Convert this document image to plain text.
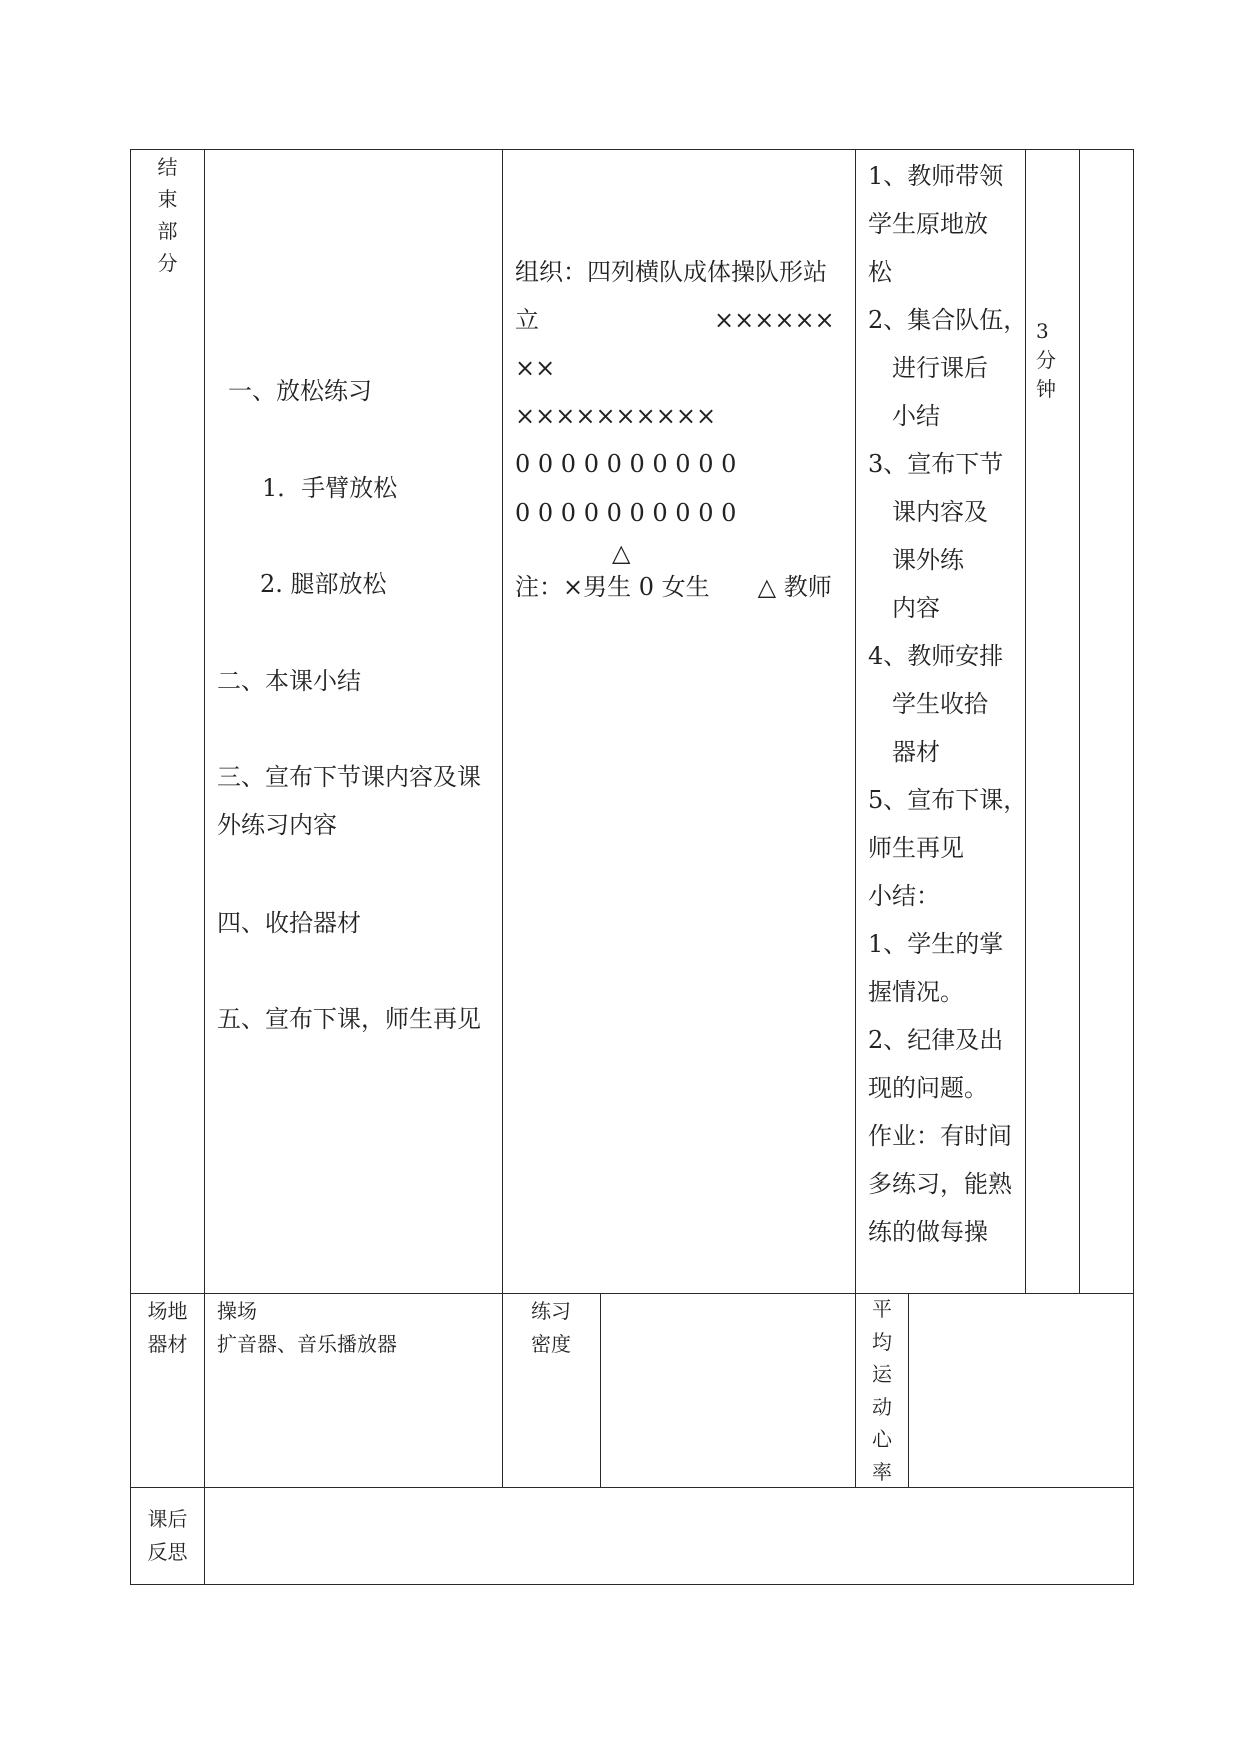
结
束
部
分
一、放松练习
1．手臂放松
2. 腿部放松
二、本课小结
三、宣布下节课内容及课
外练习内容
四、收拾器材
五、宣布下课，师生再见
组织：四列横队成体操队形站
立	××××××
××
××××××××××
0 0 0 0 0 0 0 0 0 0
0 0 0 0 0 0 0 0 0 0
△
注：×男生 0 女生　　△ 教师
1、教师带领
学生原地放
松
2、集合队伍，
　进行课后
　小结
3、宣布下节
　课内容及
　课外练
　内容
4、教师安排
　学生收拾
　器材
5、宣布下课，
师生再见
小结：
1、学生的掌
握情况。
2、纪律及出
现的问题。
作业：有时间
多练习，能熟
练的做每操
3
分
钟
场地
器材
操场
扩音器、音乐播放器
练习
密度
平
均
运
动
心
率
课后
反思
